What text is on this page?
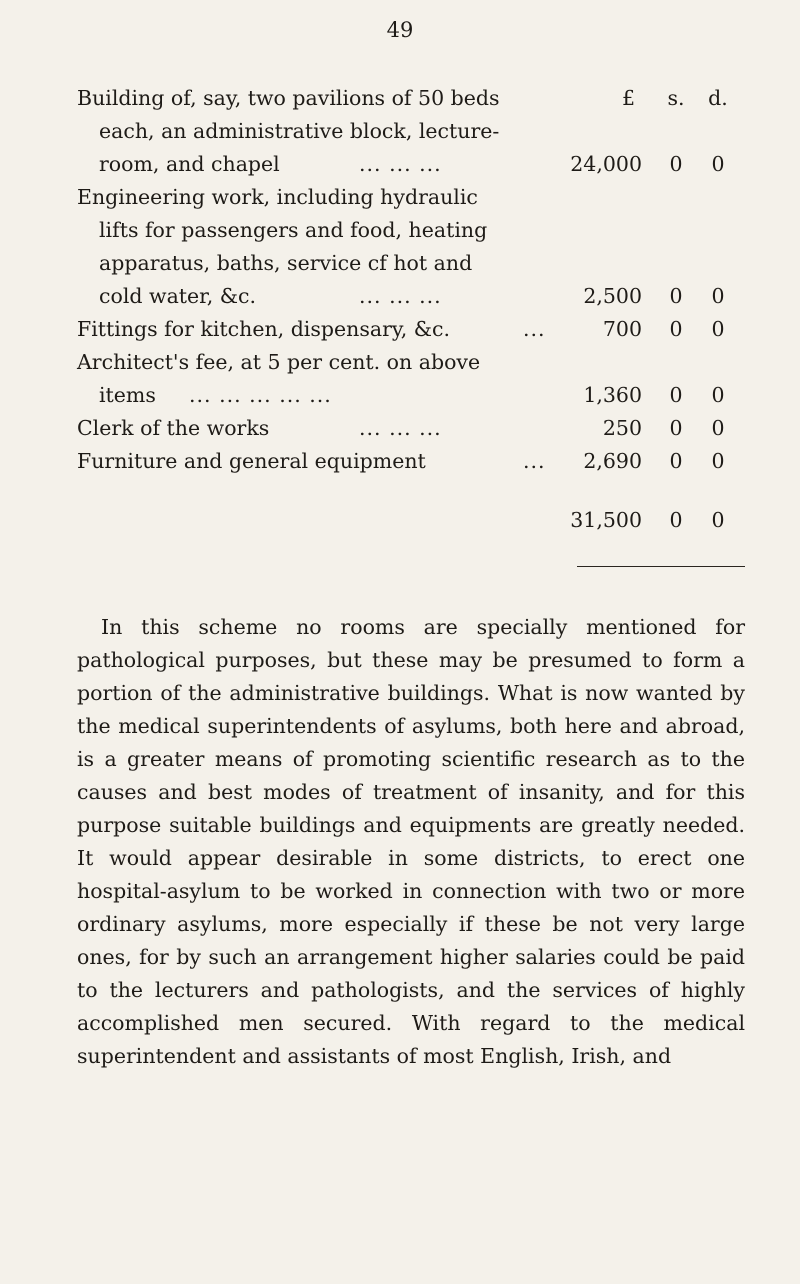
49
Building of, say, two pavilions of 50 beds	£	s.	d.
each, an administrative block, lecture-
room, and chapel	... ... ...	24,000	0	0
Engineering work, including hydraulic
lifts for passengers and food, heating
apparatus, baths, service cf hot and
cold water, &c.	... ... ...	2,500	0	0
Fittings for kitchen, dispensary, &c.	...	700	0	0
Architect's fee, at 5 per cent. on above
items ... ... ... ... ...	1,360	0	0
Clerk of the works	... ... ...	250	0	0
Furniture and general equipment	... 2,690	0	0
31,500	0	0

In this scheme no rooms are specially mentioned for pathological purposes, but these may be presumed to form a portion of the administrative buildings. What is now wanted by the medical superintendents of asylums, both here and abroad, is a greater means of promoting scientific research as to the causes and best modes of treatment of insanity, and for this purpose suitable buildings and equipments are greatly needed. It would appear desirable in some districts, to erect one hospital-asylum to be worked in connection with two or more ordinary asylums, more especially if these be not very large ones, for by such an arrangement higher salaries could be paid to the lecturers and pathologists, and the services of highly accomplished men secured. With regard to the medical superintendent and assistants of most English, Irish, and
